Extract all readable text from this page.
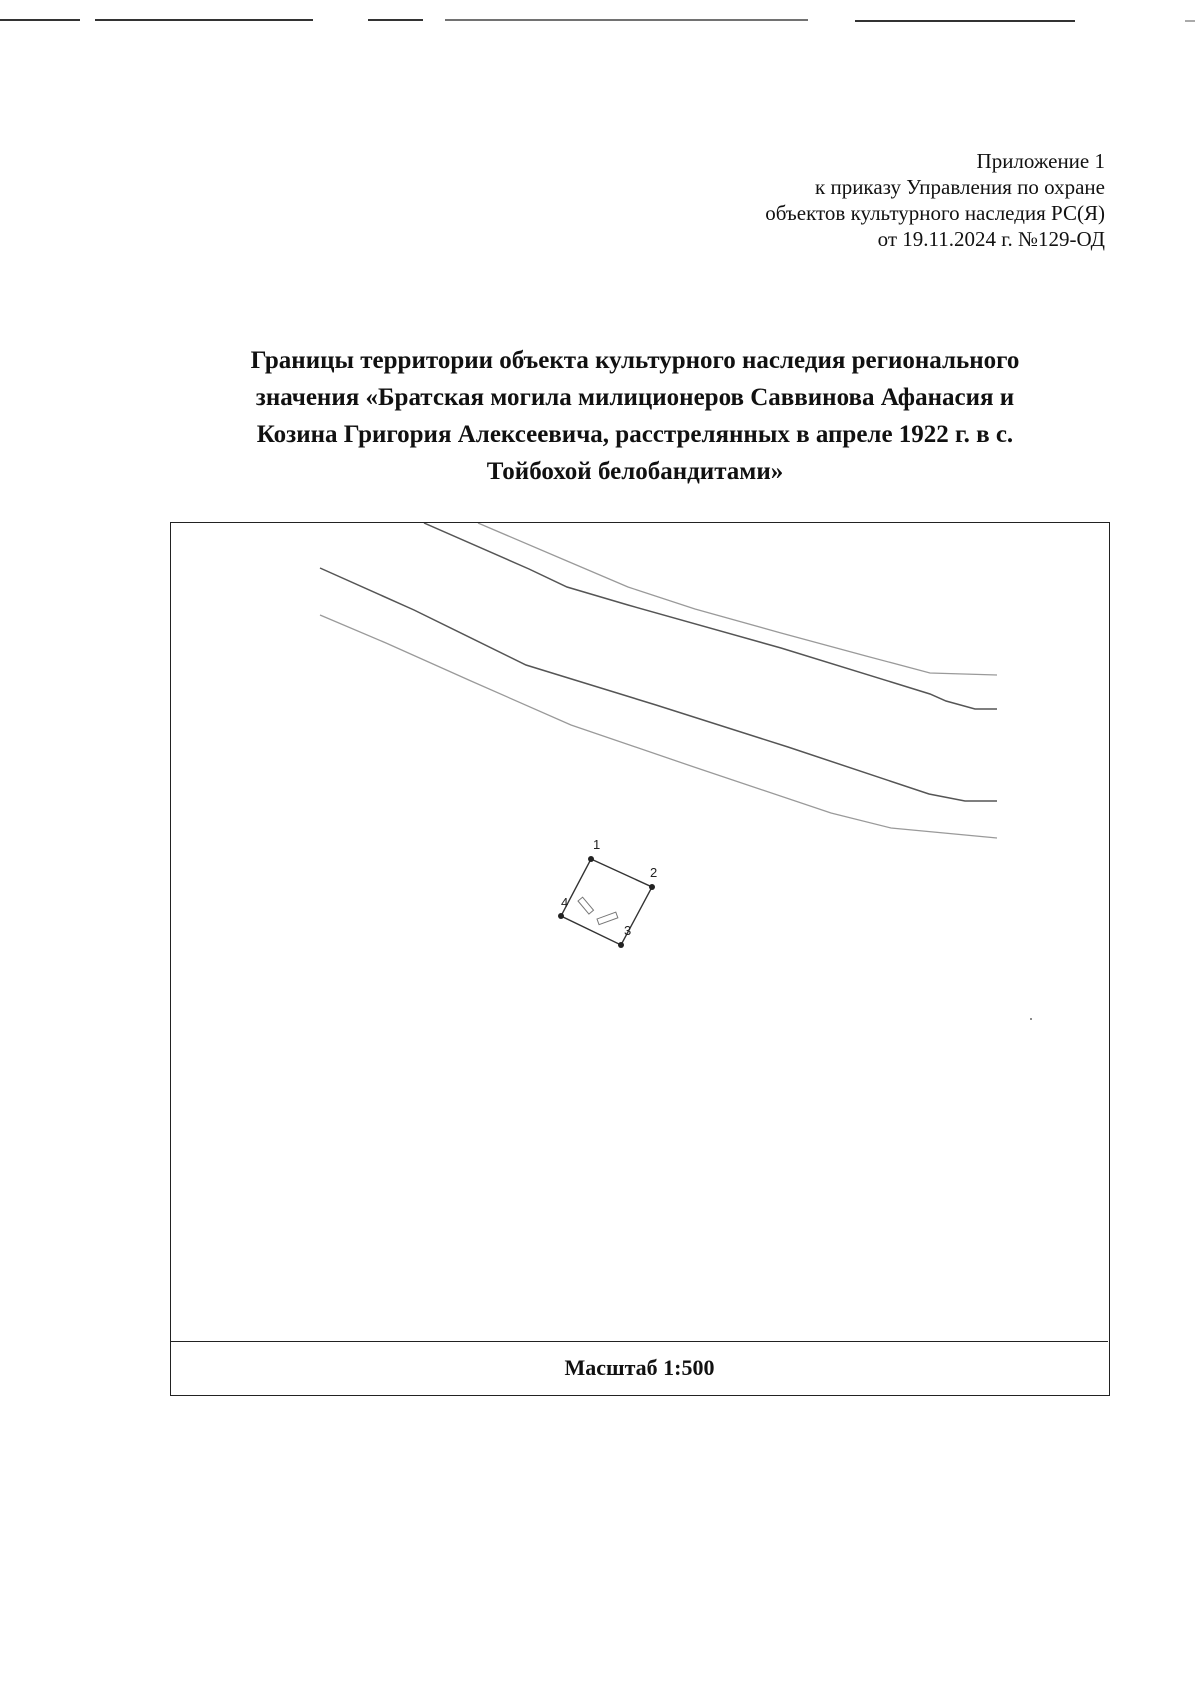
Приложение 1
к приказу Управления по охране
объектов культурного наследия РС(Я)
от 19.11.2024 г. №129-ОД
Границы территории объекта культурного наследия регионального
значения «Братская могила милиционеров Саввинова Афанасия и
Козина Григория Алексеевича, расстрелянных в апреле 1922 г. в с.
Тойбохой белобандитами»
1
2
3
4
Масштаб 1:500
